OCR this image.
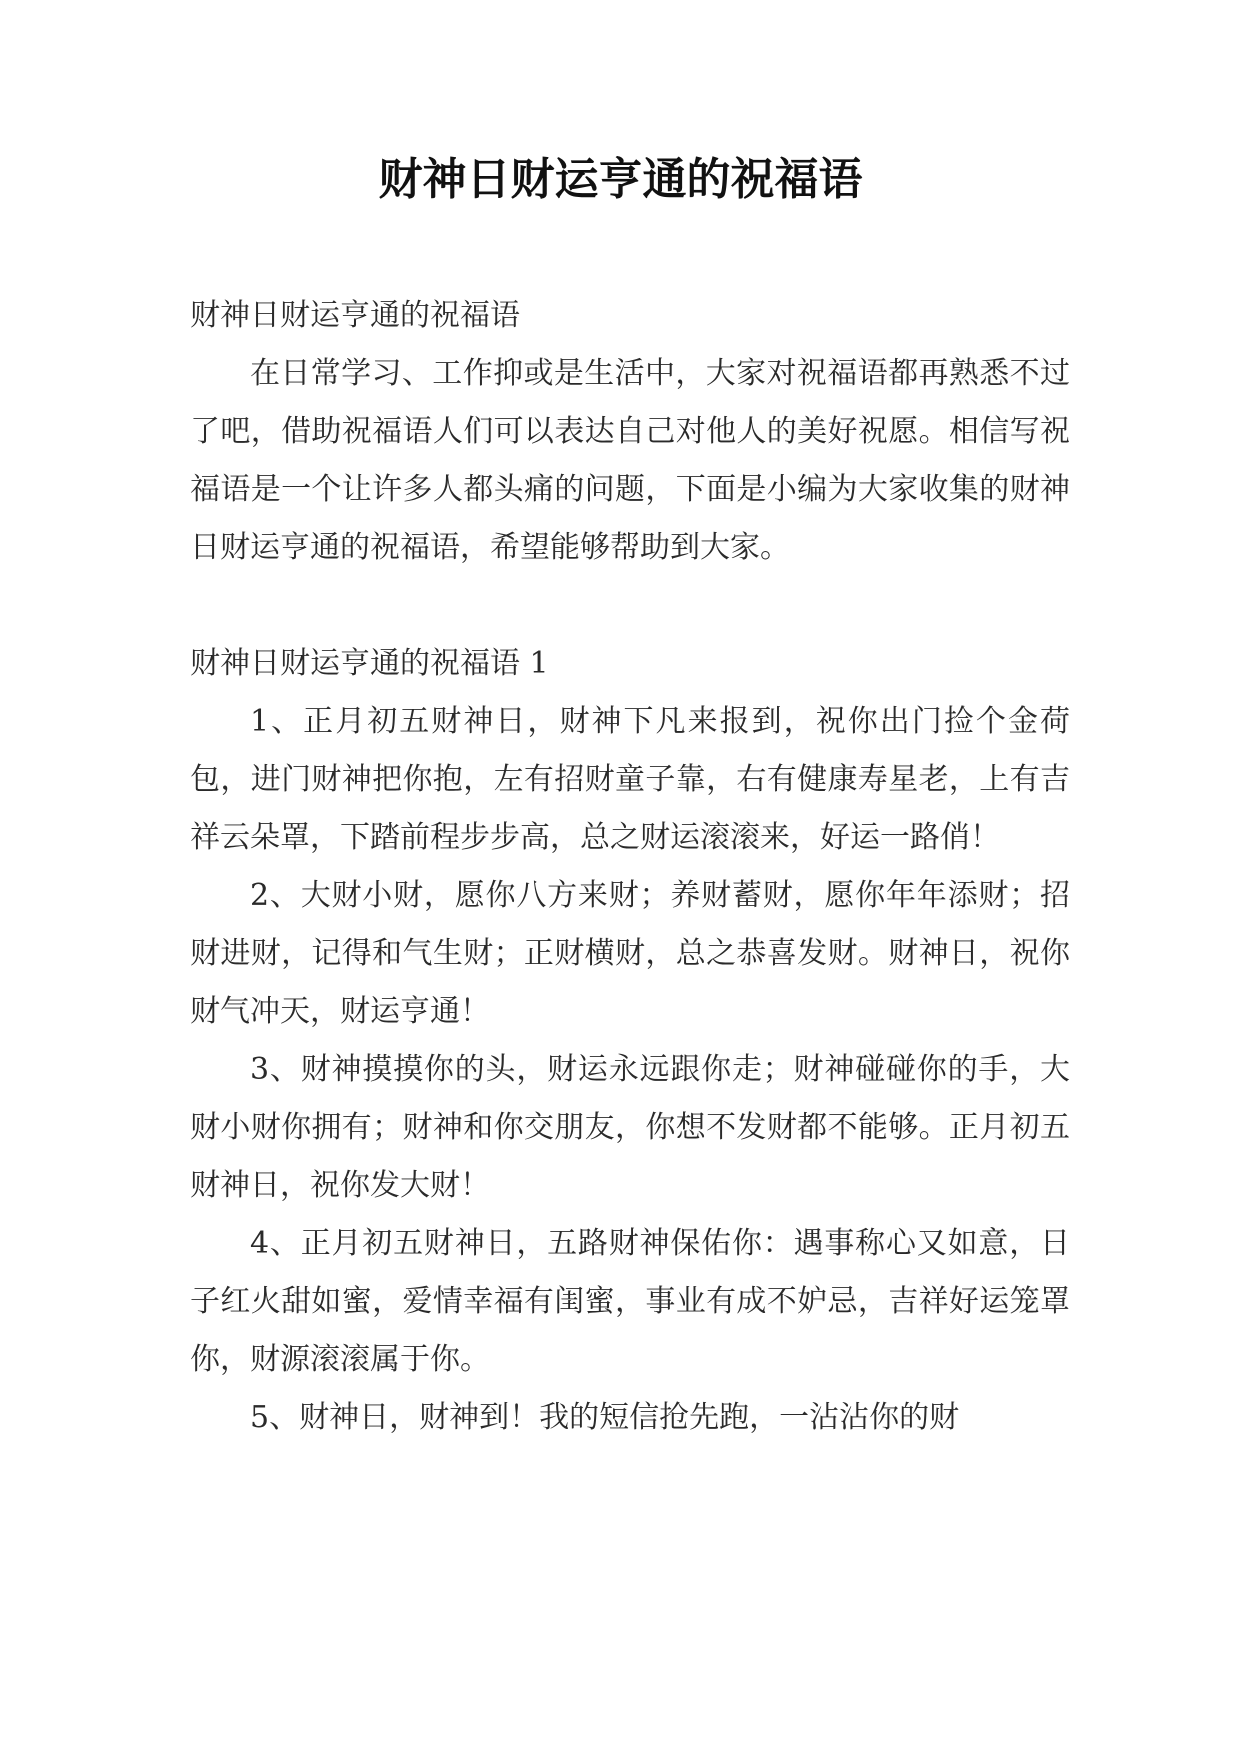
财神日财运亨通的祝福语

财神日财运亨通的祝福语

在日常学习、工作抑或是生活中，大家对祝福语都再熟悉不过了吧，借助祝福语人们可以表达自己对他人的美好祝愿。相信写祝福语是一个让许多人都头痛的问题，下面是小编为大家收集的财神日财运亨通的祝福语，希望能够帮助到大家。

财神日财运亨通的祝福语 1

1、正月初五财神日，财神下凡来报到，祝你出门捡个金荷包，进门财神把你抱，左有招财童子靠，右有健康寿星老，上有吉祥云朵罩，下踏前程步步高，总之财运滚滚来，好运一路俏！

2、大财小财，愿你八方来财；养财蓄财，愿你年年添财；招财进财，记得和气生财；正财横财，总之恭喜发财。财神日，祝你财气冲天，财运亨通！

3、财神摸摸你的头，财运永远跟你走；财神碰碰你的手，大财小财你拥有；财神和你交朋友，你想不发财都不能够。正月初五财神日，祝你发大财！

4、正月初五财神日，五路财神保佑你：遇事称心又如意，日子红火甜如蜜，爱情幸福有闺蜜，事业有成不妒忌，吉祥好运笼罩你，财源滚滚属于你。

5、财神日，财神到！我的短信抢先跑，一沾沾你的财
